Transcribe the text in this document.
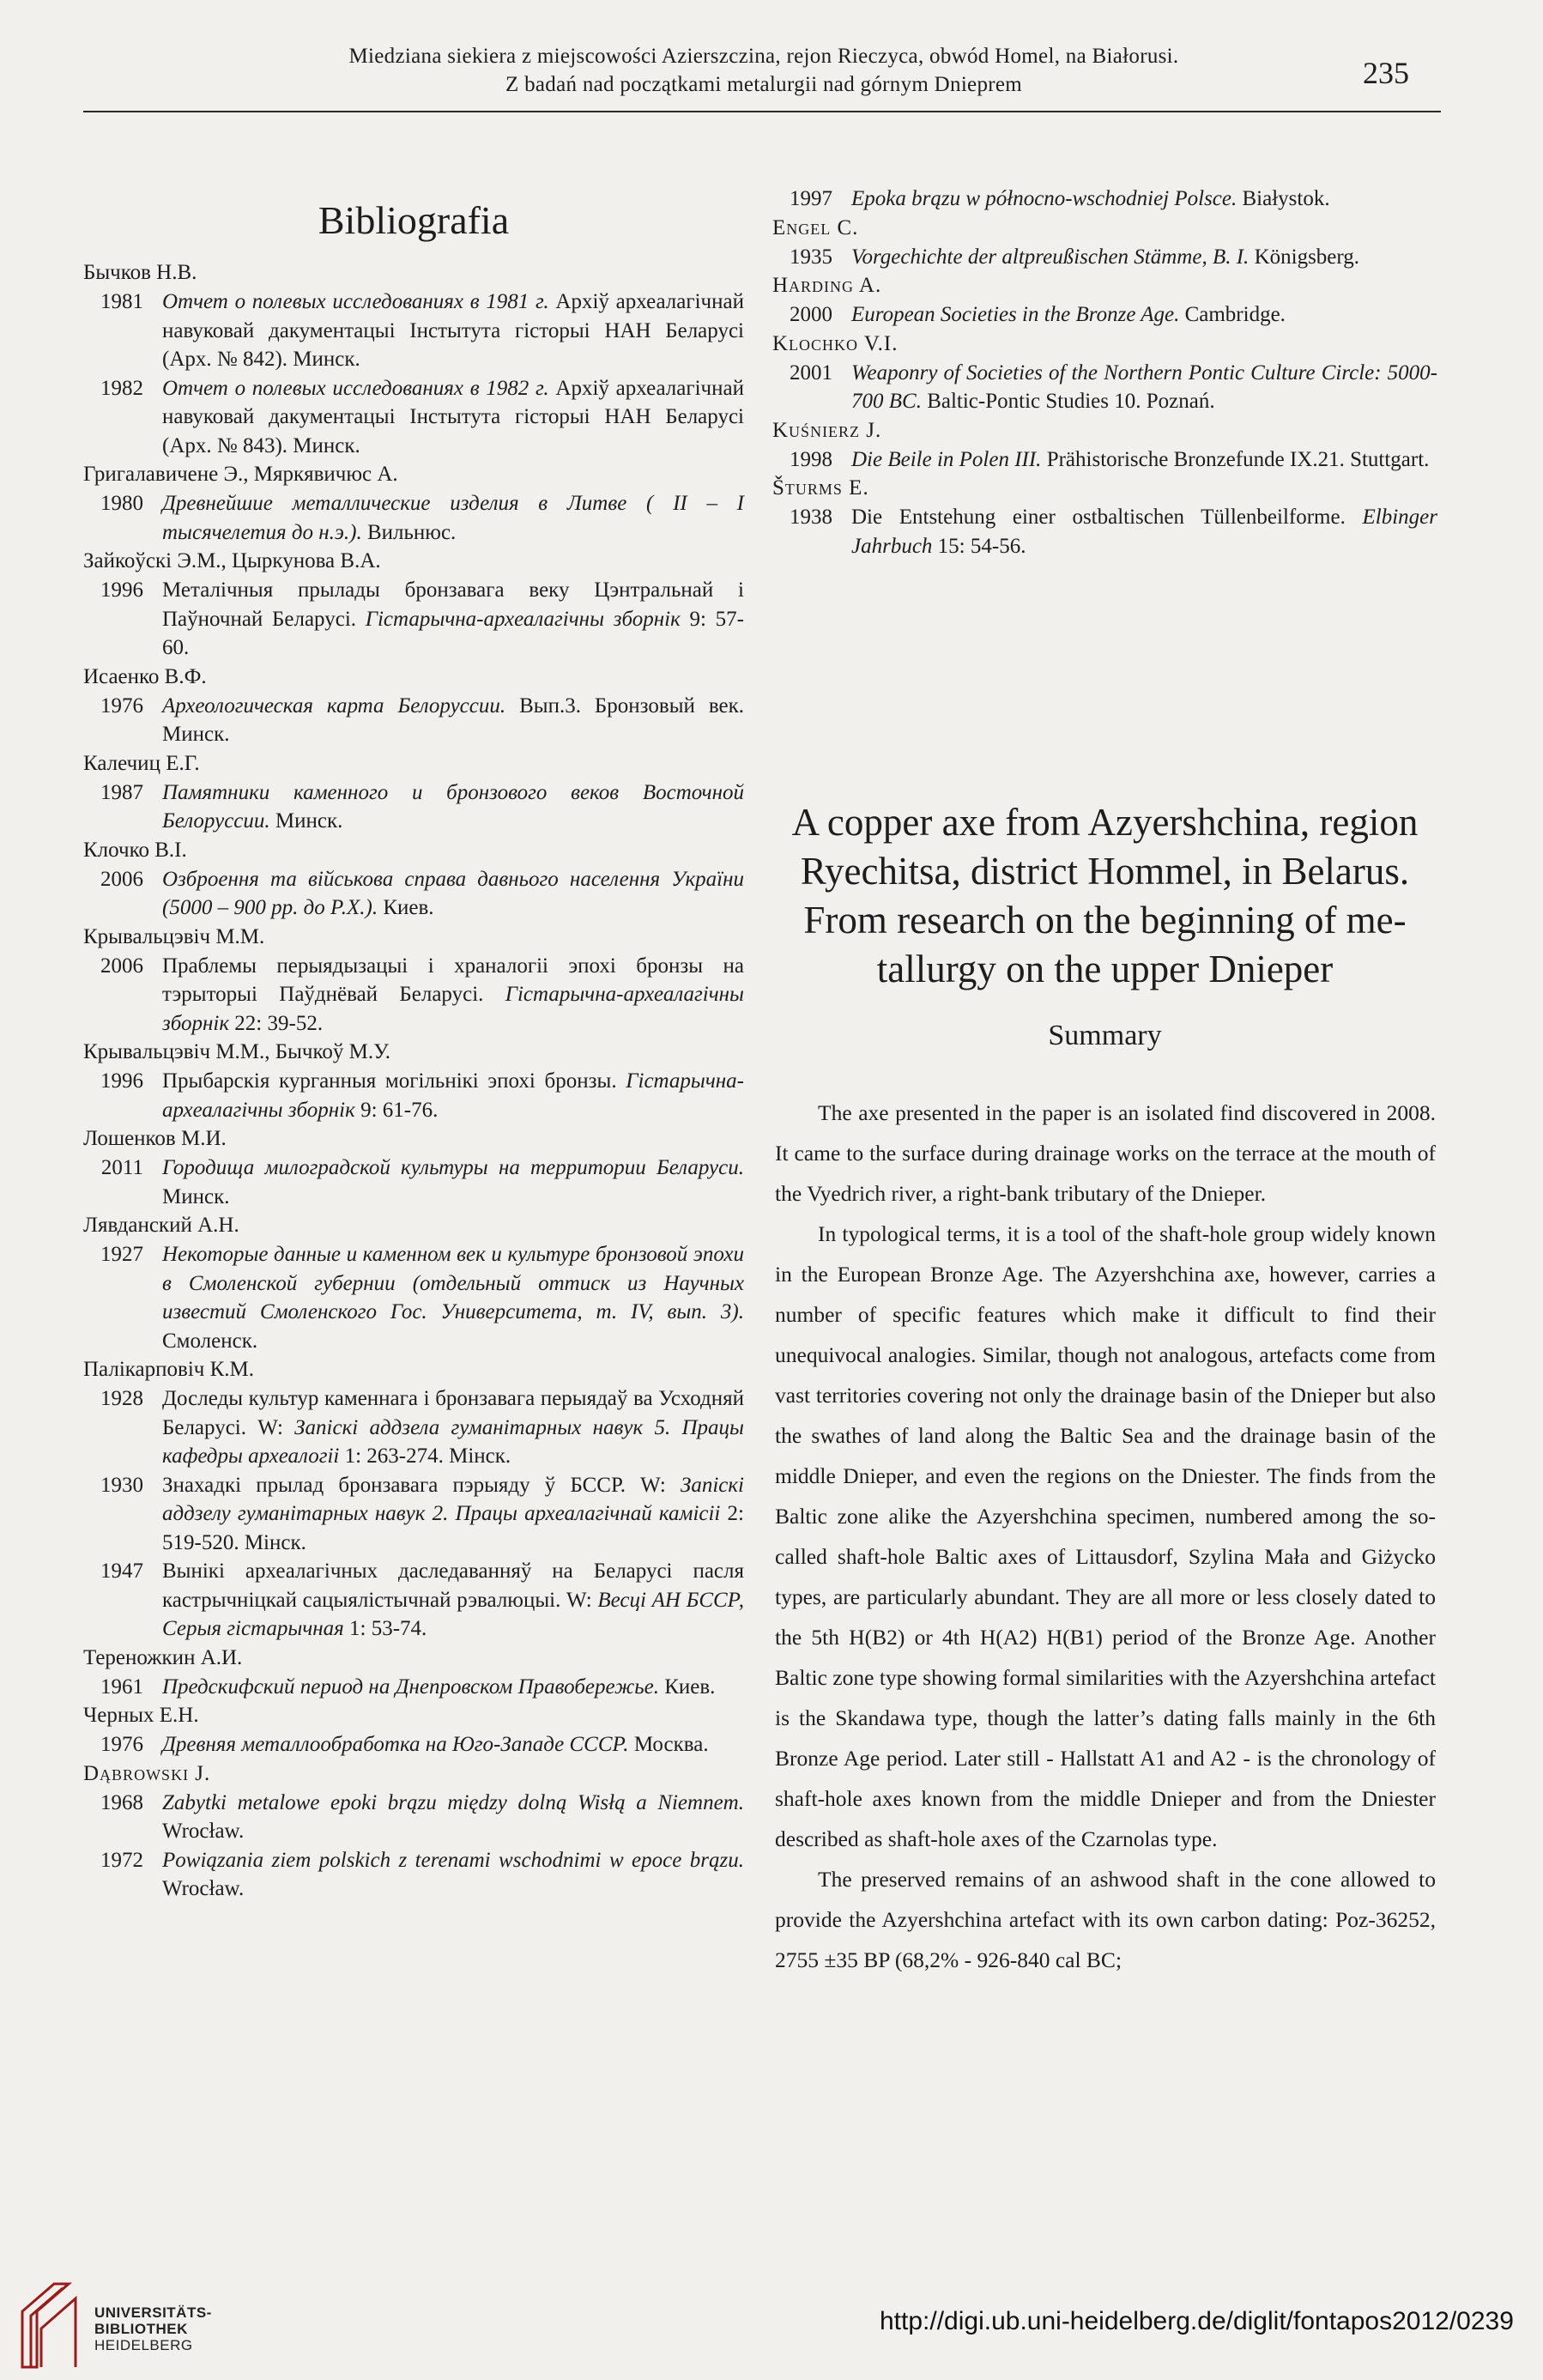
Miedziana siekiera z miejscowości Azierszczina, rejon Rieczyca, obwód Homel, na Białorusi.
Z badań nad początkami metalurgii nad górnym Dnieprem	235
Bibliografia
Бычков Н.В.
1981 Отчет о полевых исследованиях в 1981 г. Архіў археалагічнай навуковай дакументацыі Інстытута гісторыі НАН Беларусі (Арх. № 842). Минск.
1982 Отчет о полевых исследованиях в 1982 г. Архіў археалагічнай навуковай дакументацыі Інстытута гісторыі НАН Беларусі (Арх. № 843). Минск.
Григалавичене Э., Мяркявичюс А.
1980 Древнейшие металлические изделия в Литве ( II – I тысячелетия до н.э.). Вильнюс.
Зайкоўскі Э.М., Цыркунова В.А.
1996 Металічныя прылады бронзавага веку Цэнтральнай і Паўночнай Беларусі. Гістарычна-археалагічны зборнік 9: 57-60.
Исаенко В.Ф.
1976 Археологическая карта Белоруссии. Вып.3. Бронзовый век. Минск.
Калечиц Е.Г.
1987 Памятники каменного и бронзового веков Восточной Белоруссии. Минск.
Клочко В.І.
2006 Озброення та військова справа давнього населення України (5000 – 900 рр. до Р.Х.). Киев.
Крывальцэвіч М.М.
2006 Праблемы перыядызацыі і храналогіі эпохі бронзы на тэрыторыі Паўднёвай Беларусі. Гістарычна-археалагічны зборнік 22: 39-52.
Крывальцэвіч М.М., Бычкоў М.У.
1996 Прыбарскія курганныя могільнікі эпохі бронзы. Гістарычна-археалагічны зборнік 9: 61-76.
Лошенков М.И.
2011 Городища милоградской культуры на территории Беларуси. Минск.
Лявданский А.Н.
1927 Некоторые данные и каменном век и культуре бронзовой эпохи в Смоленской губернии (отдельный оттиск из Научных известий Смоленского Гос. Университета, т. IV, вып. 3). Смоленск.
Палікарповіч К.М.
1928 Доследы культур каменнага і бронзавага перыядаў ва Усходняй Беларусі. W: Запіскі аддзела гуманітарных навук 5. Працы кафедры археалогіі 1: 263-274. Мінск.
1930 Знахадкі прылад бронзавага пэрыяду ў БССР. W: Запіскі аддзелу гуманітарных навук 2. Працы археалагічнай камісіі 2: 519-520. Мінск.
1947 Вынікі археалагічных даследаванняў на Беларусі пасля кастрычніцкай сацыялістычнай рэвалюцыі. W: Весці АН БССР, Серыя гістарычная 1: 53-74.
Тереножкин А.И.
1961 Предскифский период на Днепровском Правобережье. Киев.
Черных Е.Н.
1976 Древняя металлообработка на Юго-Западе СССР. Москва.
Dąbrowski J.
1968 Zabytki metalowe epoki brązu między dolną Wisłą a Niemnem. Wrocław.
1972 Powiązania ziem polskich z terenami wschodnimi w epoce brązu. Wrocław.
1997 Epoka brązu w północno-wschodniej Polsce. Białystok.
Engel C.
1935 Vorgechichte der altpreußischen Stämme, B. I. Königsberg.
Harding A.
2000 European Societies in the Bronze Age. Cambridge.
Klochko V.I.
2001 Weaponry of Societies of the Northern Pontic Culture Circle: 5000-700 BC. Baltic-Pontic Studies 10. Poznań.
Kuśnierz J.
1998 Die Beile in Polen III. Prähistorische Bronzefunde IX.21. Stuttgart.
Šturms E.
1938 Die Entstehung einer ostbaltischen Tüllenbeilforme. Elbinger Jahrbuch 15: 54-56.
A copper axe from Azyershchina, region
Ryechitsa, district Hommel, in Belarus.
From research on the beginning of me-
tallurgy on the upper Dnieper
Summary

The axe presented in the paper is an isolated find discovered in 2008. It came to the surface during drainage works on the terrace at the mouth of the Vyedrich river, a right-bank tributary of the Dnieper.

In typological terms, it is a tool of the shaft-hole group widely known in the European Bronze Age. The Azyershchina axe, however, carries a number of specific features which make it difficult to find their unequivocal analogies. Similar, though not analogous, artefacts come from vast territories covering not only the drainage basin of the Dnieper but also the swathes of land along the Baltic Sea and the drainage basin of the middle Dnieper, and even the regions on the Dniester. The finds from the Baltic zone alike the Azyershchina specimen, numbered among the so-called shaft-hole Baltic axes of Littausdorf, Szylina Mała and Giżycko types, are particularly abundant. They are all more or less closely dated to the 5th H(B2) or 4th H(A2) H(B1) period of the Bronze Age. Another Baltic zone type showing formal similarities with the Azyershchina artefact is the Skandawa type, though the latter’s dating falls mainly in the 6th Bronze Age period. Later still - Hallstatt A1 and A2 - is the chronology of shaft-hole axes known from the middle Dnieper and from the Dniester described as shaft-hole axes of the Czarnolas type.

The preserved remains of an ashwood shaft in the cone allowed to provide the Azyershchina artefact with its own carbon dating: Poz-36252, 2755 ±35 BP (68,2% - 926-840 cal BC;

UNIVERSITÄTS-
BIBLIOTHEK
HEIDELBERG
http://digi.ub.uni-heidelberg.de/diglit/fontapos2012/0239
